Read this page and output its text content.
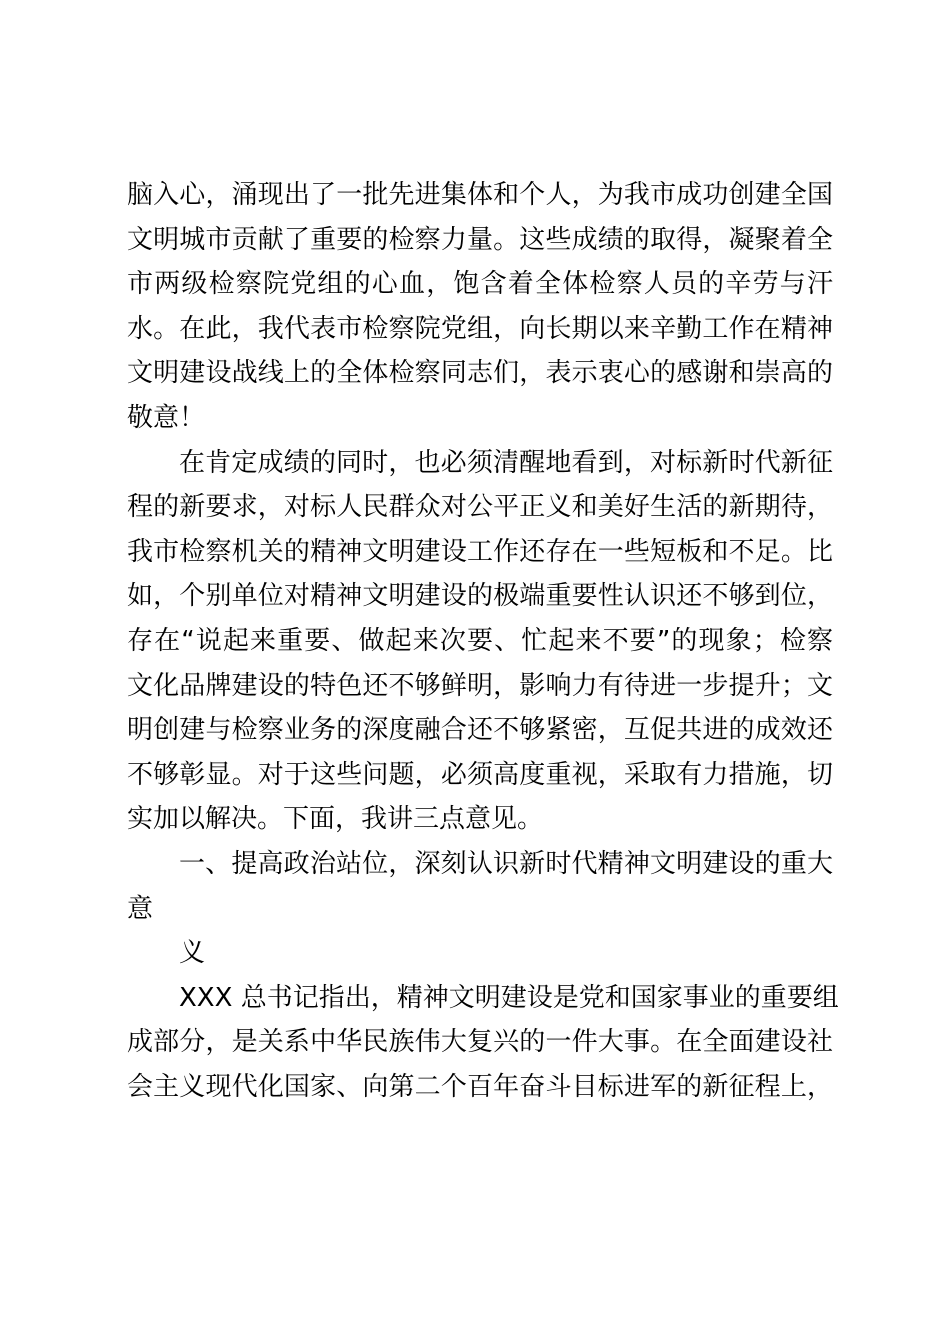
脑入心，涌现出了一批先进集体和个人，为我市成功创建全国
文明城市贡献了重要的检察力量。这些成绩的取得，凝聚着全
市两级检察院党组的心血，饱含着全体检察人员的辛劳与汗
水。在此，我代表市检察院党组，向长期以来辛勤工作在精神
文明建设战线上的全体检察同志们，表示衷心的感谢和崇高的
敬意！
在肯定成绩的同时，也必须清醒地看到，对标新时代新征
程的新要求，对标人民群众对公平正义和美好生活的新期待，
我市检察机关的精神文明建设工作还存在一些短板和不足。比
如，个别单位对精神文明建设的极端重要性认识还不够到位，
存在“说起来重要、做起来次要、忙起来不要”的现象；检察
文化品牌建设的特色还不够鲜明，影响力有待进一步提升；文
明创建与检察业务的深度融合还不够紧密，互促共进的成效还
不够彰显。对于这些问题，必须高度重视，采取有力措施，切
实加以解决。下面，我讲三点意见。
一、提高政治站位，深刻认识新时代精神文明建设的重大
意
义
XXX 总书记指出，精神文明建设是党和国家事业的重要组
成部分，是关系中华民族伟大复兴的一件大事。在全面建设社
会主义现代化国家、向第二个百年奋斗目标进军的新征程上，
